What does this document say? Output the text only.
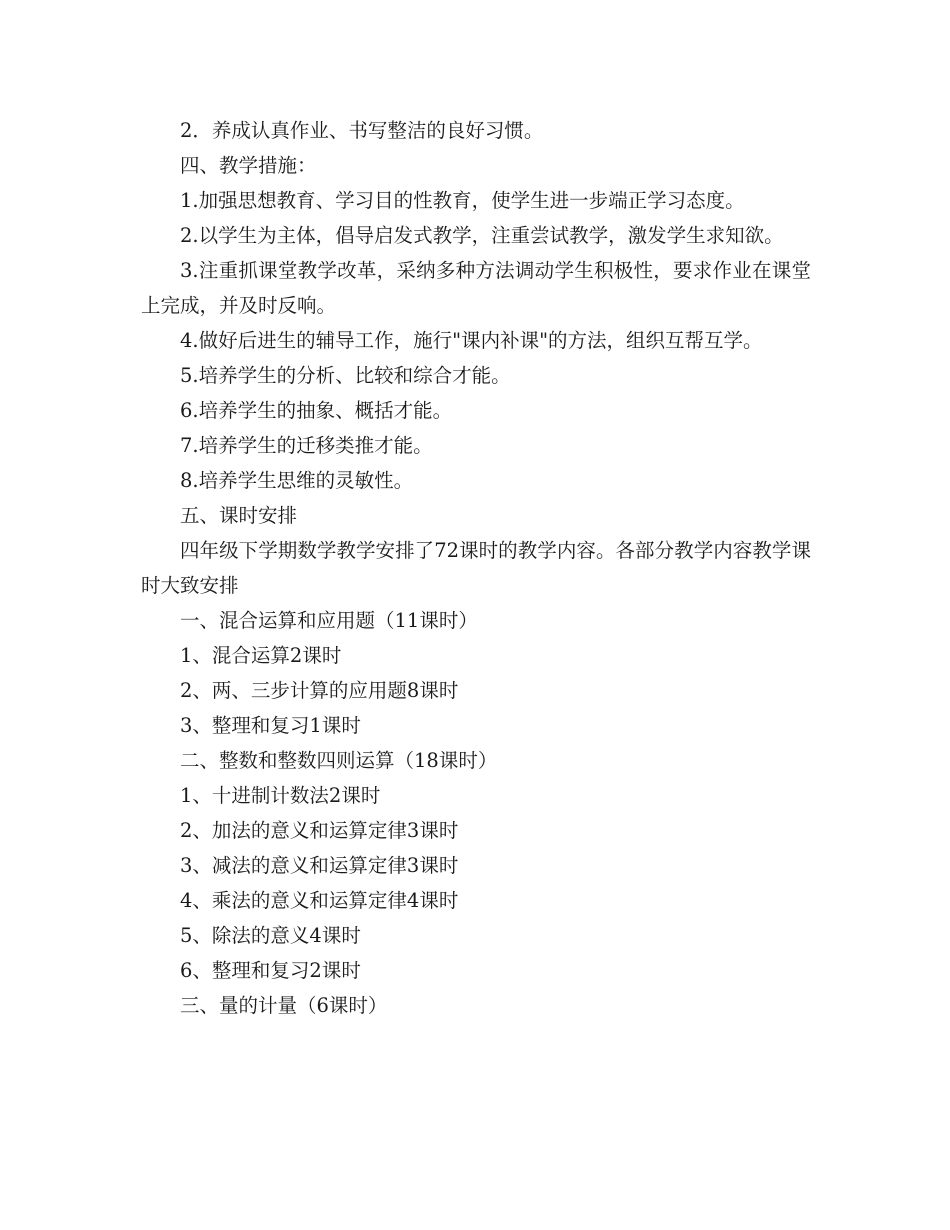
2．养成认真作业、书写整洁的良好习惯。

四、教学措施：

1.加强思想教育、学习目的性教育，使学生进一步端正学习态度。

2.以学生为主体，倡导启发式教学，注重尝试教学，激发学生求知欲。

3.注重抓课堂教学改革，采纳多种方法调动学生积极性，要求作业在课堂上完成，并及时反响。

4.做好后进生的辅导工作，施行"课内补课"的方法，组织互帮互学。

5.培养学生的分析、比较和综合才能。

6.培养学生的抽象、概括才能。

7.培养学生的迁移类推才能。

8.培养学生思维的灵敏性。

五、课时安排

四年级下学期数学教学安排了72课时的教学内容。各部分教学内容教学课时大致安排

一、混合运算和应用题（11课时）

1、混合运算2课时

2、两、三步计算的应用题8课时

3、整理和复习1课时

二、整数和整数四则运算（18课时）

1、十进制计数法2课时

2、加法的意义和运算定律3课时

3、减法的意义和运算定律3课时

4、乘法的意义和运算定律4课时

5、除法的意义4课时

6、整理和复习2课时

三、量的计量（6课时）
